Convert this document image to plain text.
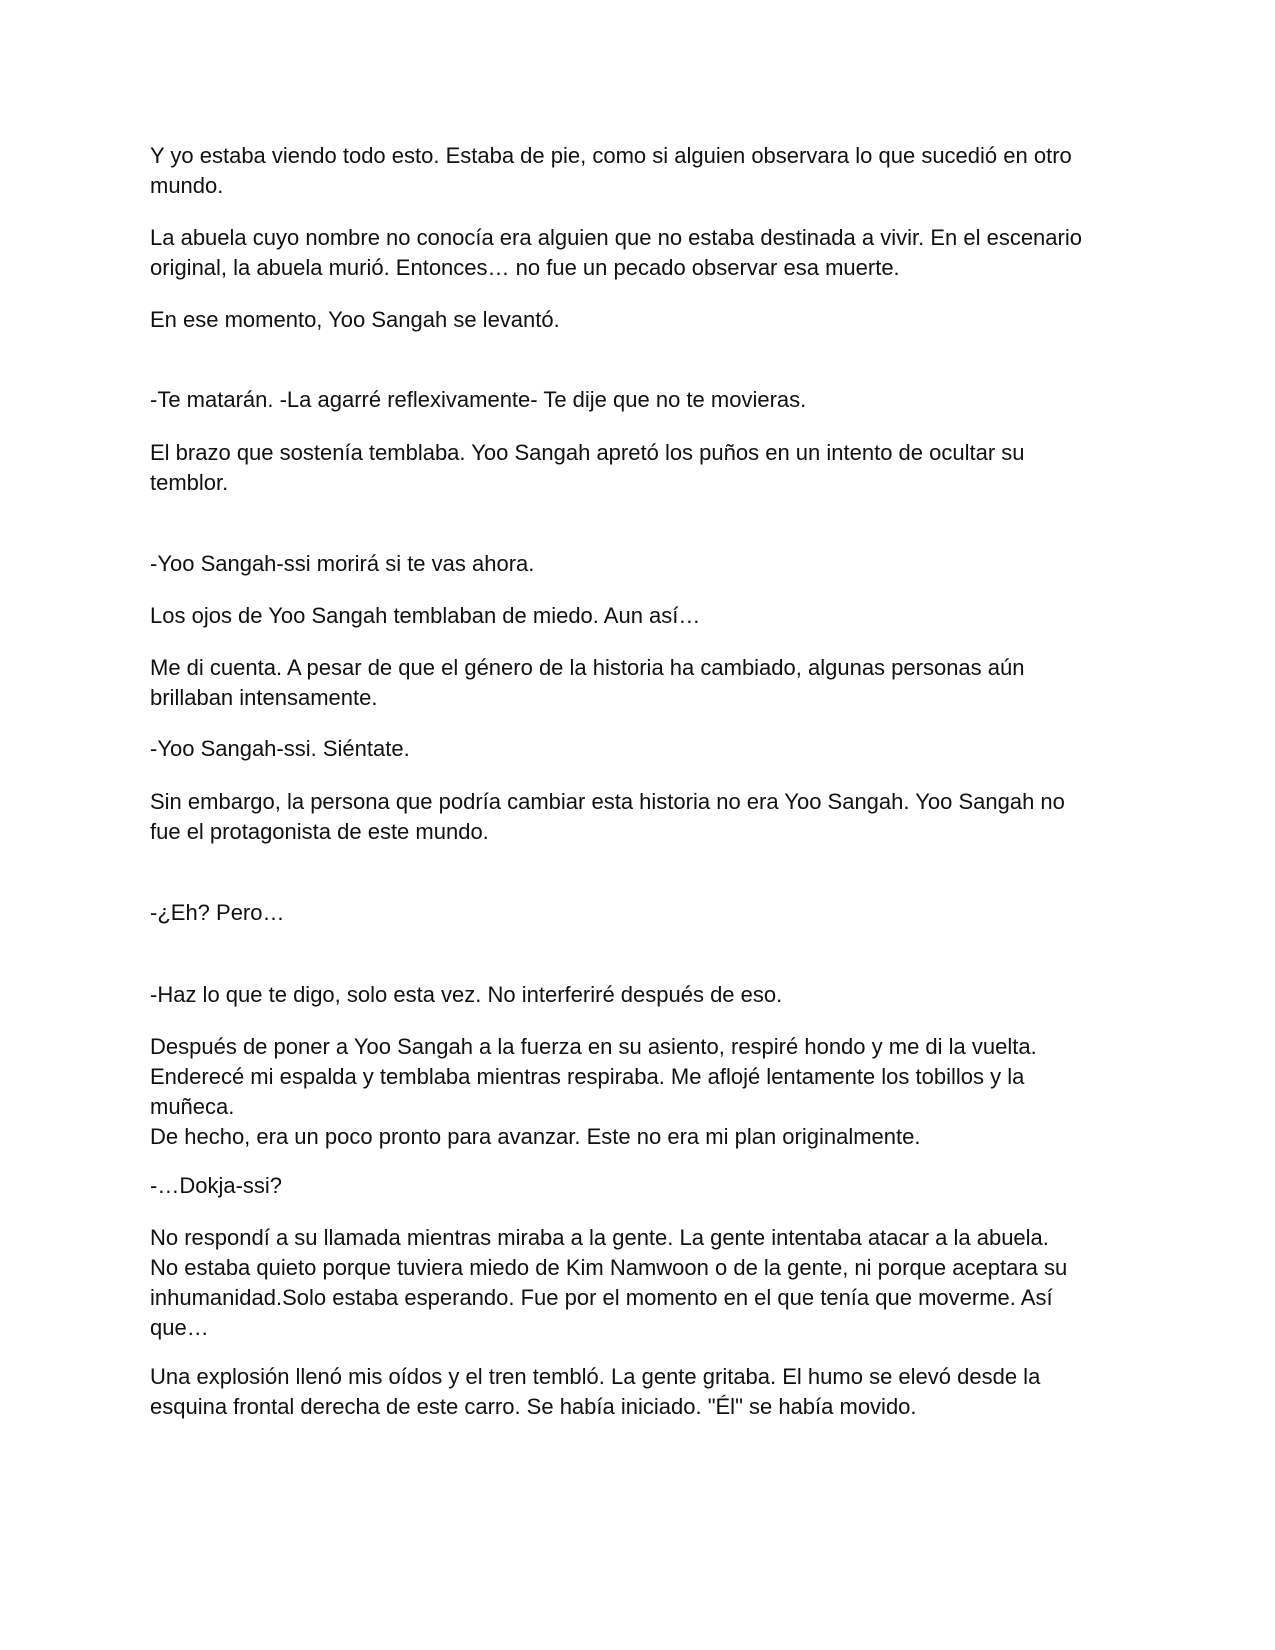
Y yo estaba viendo todo esto. Estaba de pie, como si alguien observara lo que sucedió en otro
mundo.

La abuela cuyo nombre no conocía era alguien que no estaba destinada a vivir. En el escenario
original, la abuela murió. Entonces… no fue un pecado observar esa muerte.

En ese momento, Yoo Sangah se levantó.

-Te matarán. -La agarré reflexivamente- Te dije que no te movieras.

El brazo que sostenía temblaba. Yoo Sangah apretó los puños en un intento de ocultar su
temblor.

-Yoo Sangah-ssi morirá si te vas ahora.

Los ojos de Yoo Sangah temblaban de miedo. Aun así…

Me di cuenta. A pesar de que el género de la historia ha cambiado, algunas personas aún
brillaban intensamente.

-Yoo Sangah-ssi. Siéntate.

Sin embargo, la persona que podría cambiar esta historia no era Yoo Sangah. Yoo Sangah no
fue el protagonista de este mundo.

-¿Eh? Pero…

-Haz lo que te digo, solo esta vez. No interferiré después de eso.

Después de poner a Yoo Sangah a la fuerza en su asiento, respiré hondo y me di la vuelta.
Enderecé mi espalda y temblaba mientras respiraba. Me aflojé lentamente los tobillos y la
muñeca.
De hecho, era un poco pronto para avanzar. Este no era mi plan originalmente.

-…Dokja-ssi?

No respondí a su llamada mientras miraba a la gente. La gente intentaba atacar a la abuela.
No estaba quieto porque tuviera miedo de Kim Namwoon o de la gente, ni porque aceptara su
inhumanidad.Solo estaba esperando. Fue por el momento en el que tenía que moverme. Así
que…

Una explosión llenó mis oídos y el tren tembló. La gente gritaba. El humo se elevó desde la
esquina frontal derecha de este carro. Se había iniciado. "Él" se había movido.
